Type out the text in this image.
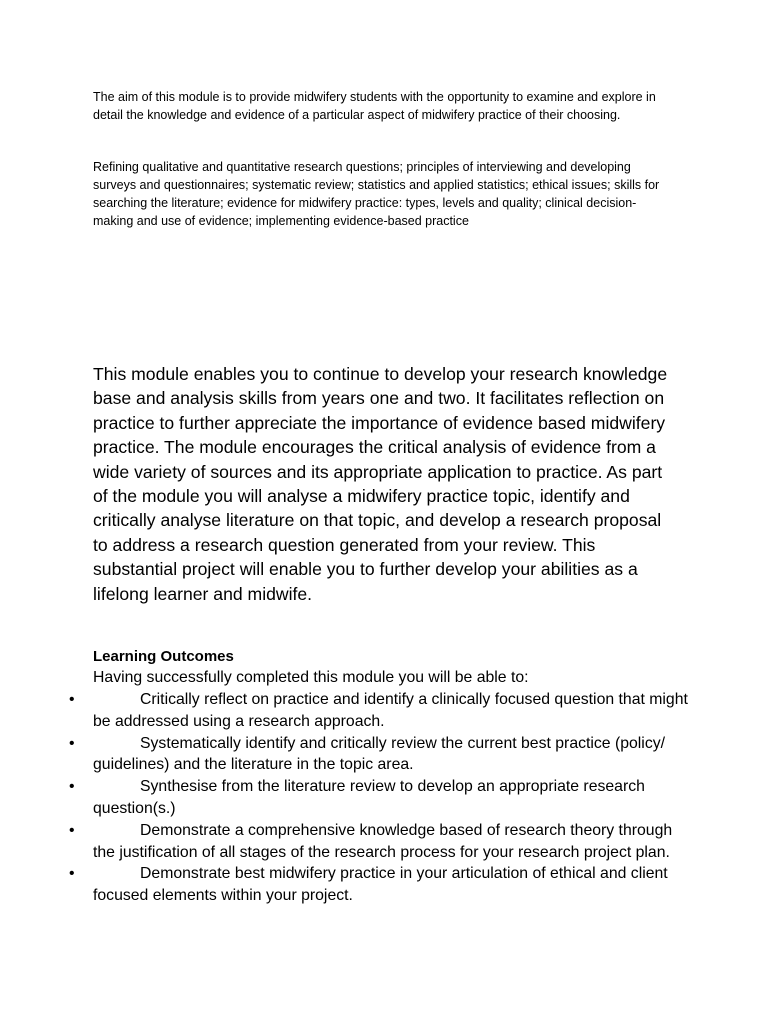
The aim of this module is to provide midwifery students with the opportunity to examine and explore in detail the knowledge and evidence of a particular aspect of midwifery practice of their choosing.

Refining qualitative and quantitative research questions; principles of interviewing and developing surveys and questionnaires; systematic review; statistics and applied statistics; ethical issues; skills for searching the literature; evidence for midwifery practice: types, levels and quality; clinical decision-making and use of evidence; implementing evidence-based practice

This module enables you to continue to develop your research knowledge base and analysis skills from years one and two. It facilitates reflection on practice to further appreciate the importance of evidence based midwifery practice. The module encourages the critical analysis of evidence from a wide variety of sources and its appropriate application to practice. As part of the module you will analyse a midwifery practice topic, identify and critically analyse literature on that topic, and develop a research proposal to address a research question generated from your review. This substantial project will enable you to further develop your abilities as a lifelong learner and midwife.

Learning Outcomes

Having successfully completed this module you will be able to:

•	Critically reflect on practice and identify a clinically focused question that might be addressed using a research approach.
•	Systematically identify and critically review the current best practice (policy/ guidelines) and the literature in the topic area.
•	Synthesise from the literature review to develop an appropriate research question(s.)
•	Demonstrate a comprehensive knowledge based of research theory through the justification of all stages of the research process for your research project plan.
•	Demonstrate best midwifery practice in your articulation of ethical and client focused elements within your project.
